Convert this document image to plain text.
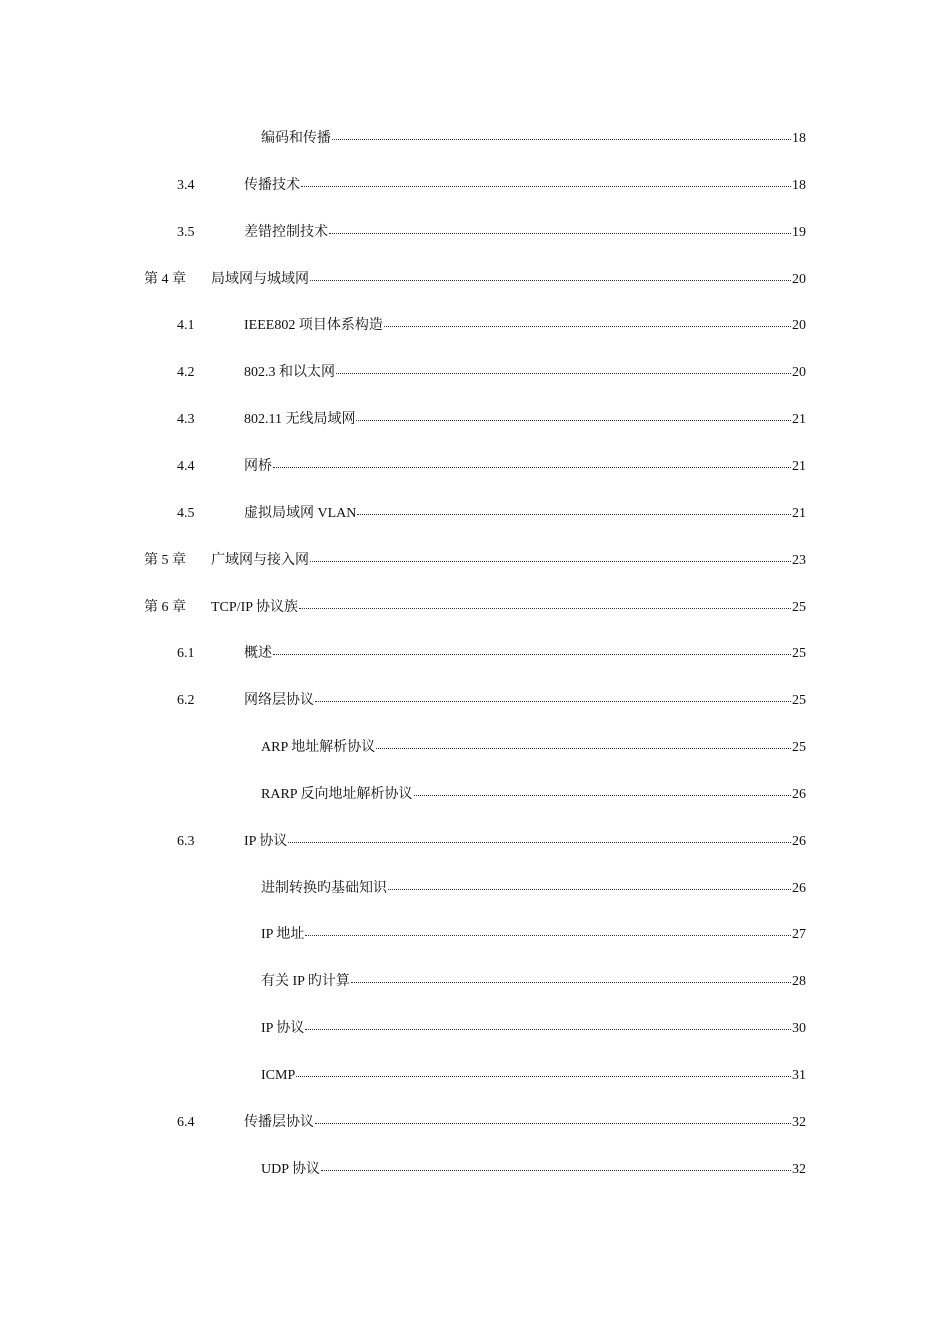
编码和传播	18
3.4	传播技术	18
3.5	差错控制技术	19
第 4 章	局域网与城域网	20
4.1	IEEE802 项目体系构造	20
4.2	802.3 和以太网	20
4.3	802.11 无线局域网	21
4.4	网桥	21
4.5	虚拟局域网 VLAN	21
第 5 章	广域网与接入网	23
第 6 章	TCP/IP 协议族	25
6.1	概述	25
6.2	网络层协议	25
ARP 地址解析协议	25
RARP 反向地址解析协议	26
6.3	IP 协议	26
进制转换旳基础知识	26
IP 地址	27
有关 IP 旳计算	28
IP 协议	30
ICMP	31
6.4	传播层协议	32
UDP 协议	32
